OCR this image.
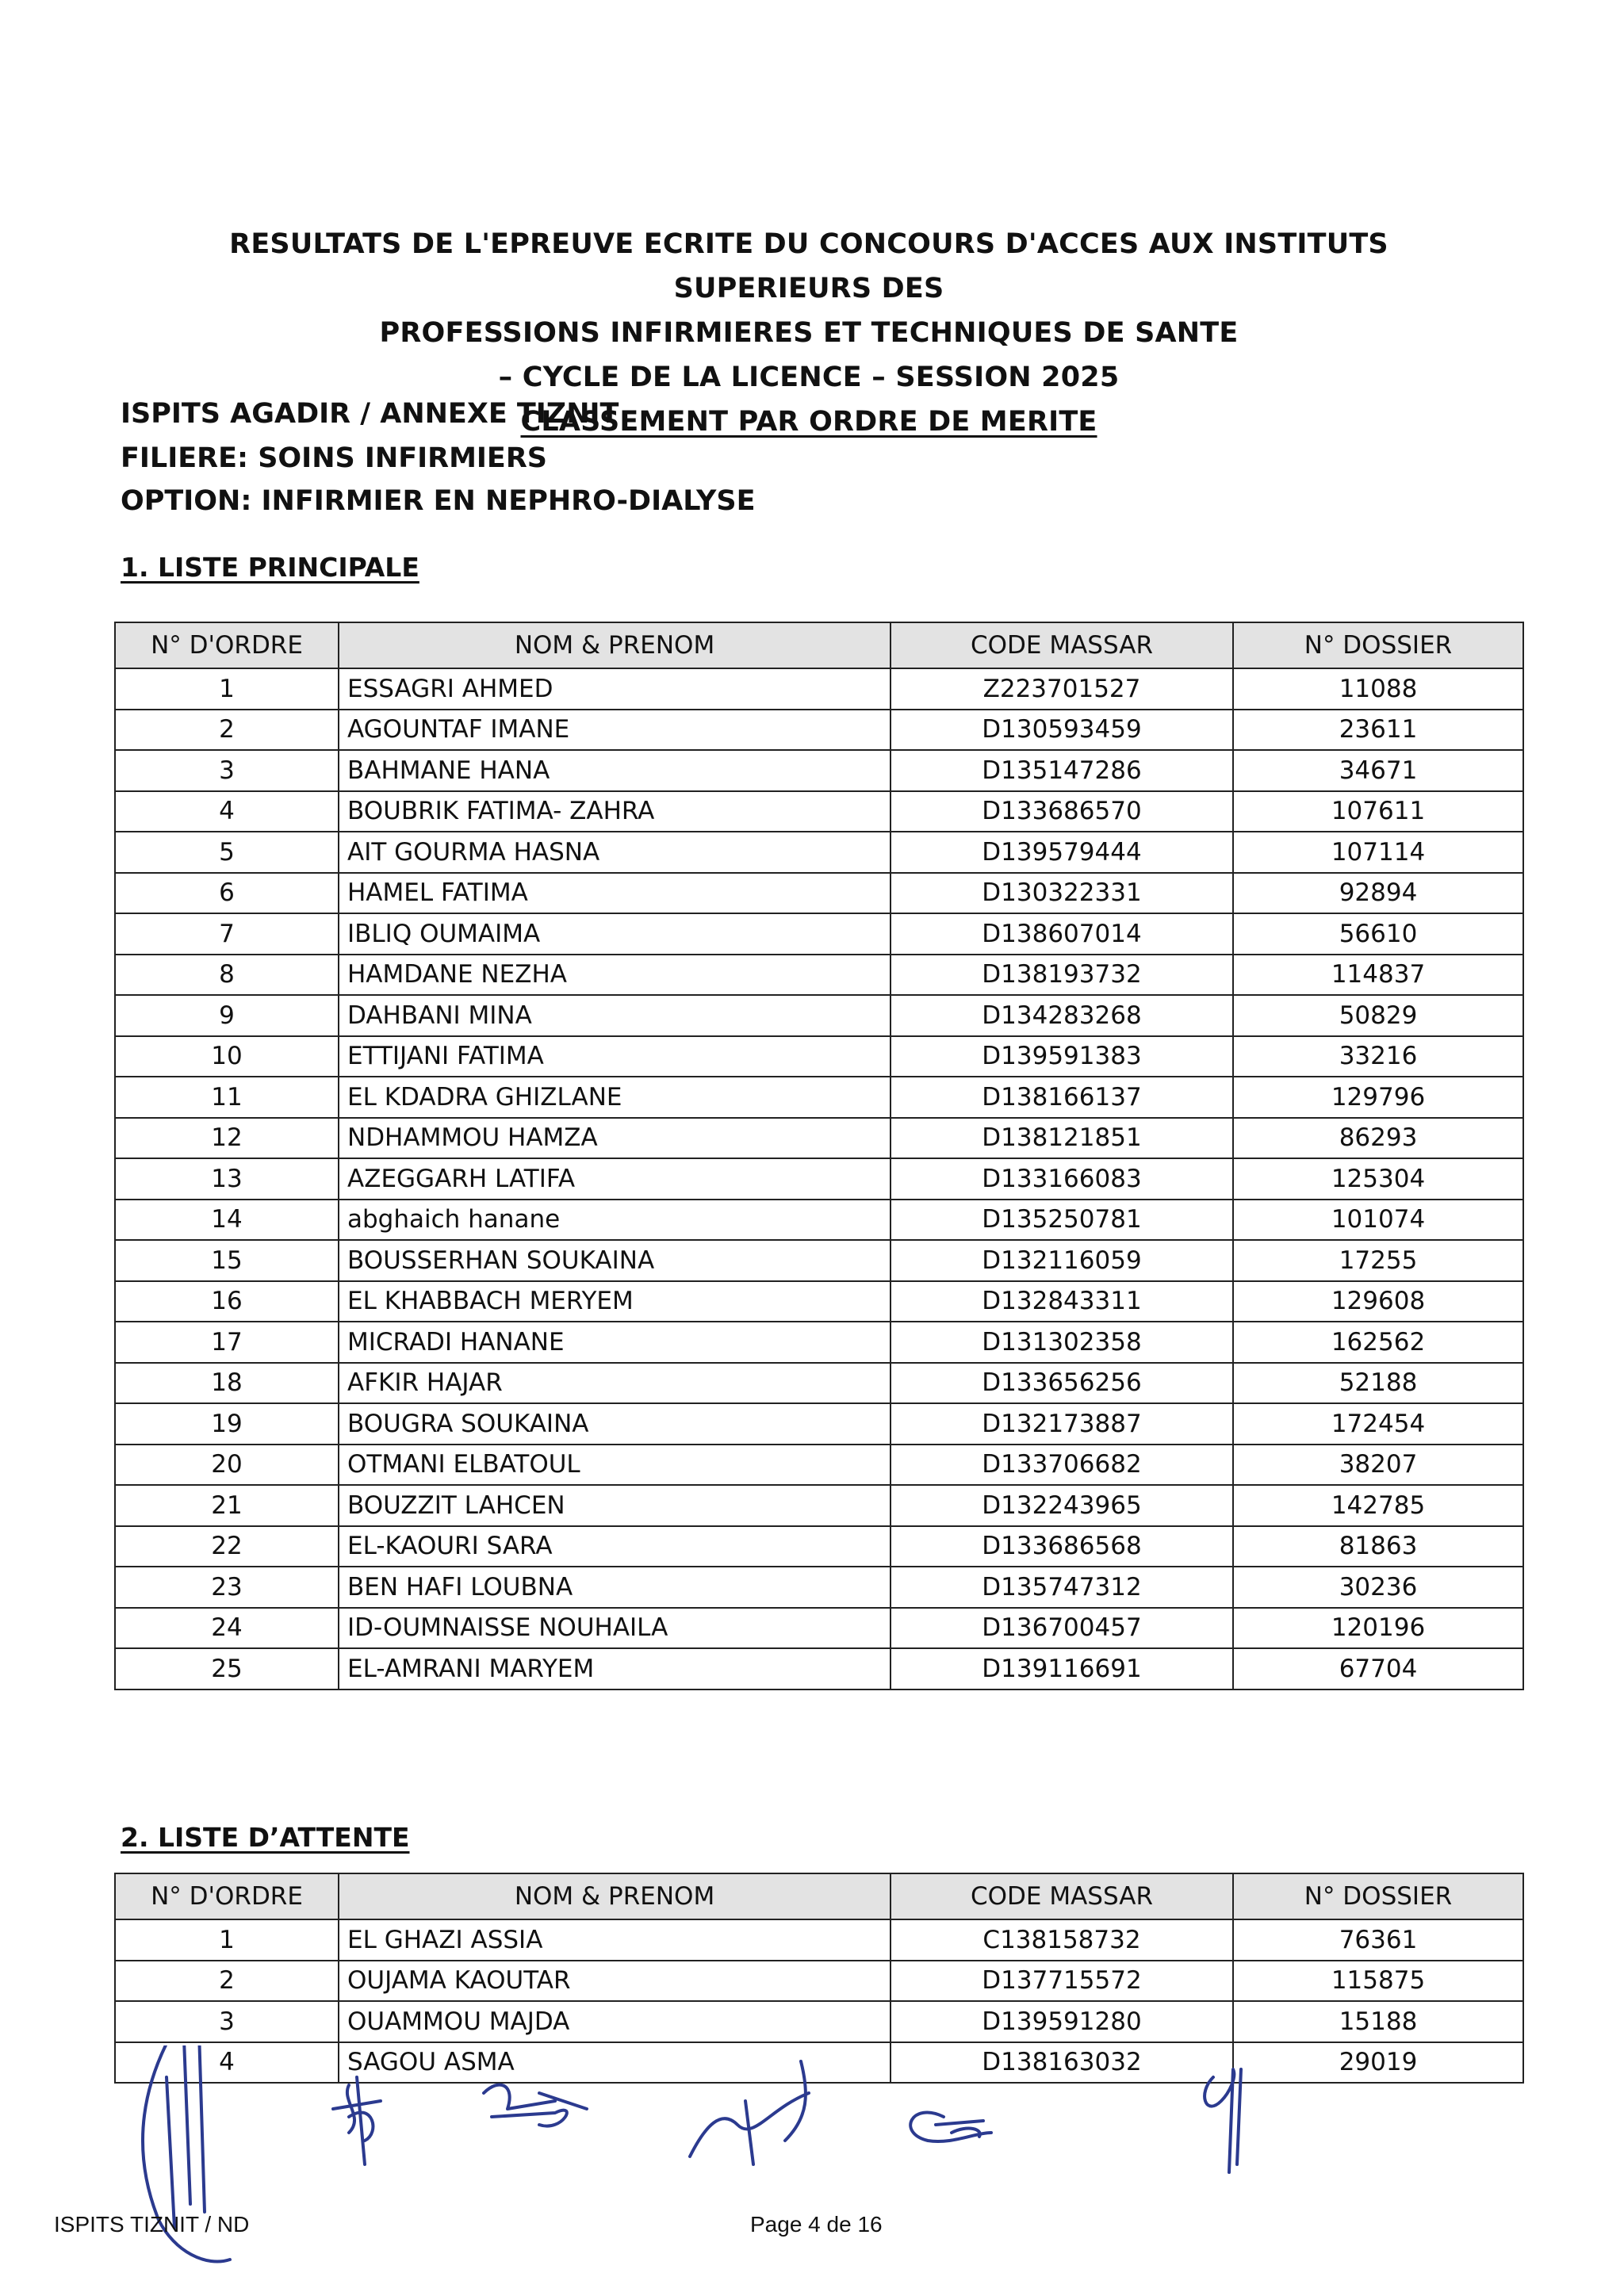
RESULTATS DE L'EPREUVE ECRITE DU CONCOURS D'ACCES AUX INSTITUTS SUPERIEURS DES
PROFESSIONS INFIRMIERES ET TECHNIQUES DE SANTE
– CYCLE DE LA LICENCE – SESSION 2025
CLASSEMENT PAR ORDRE DE MERITE
ISPITS AGADIR / ANNEXE TIZNIT
FILIERE: SOINS INFIRMIERS
OPTION: INFIRMIER EN NEPHRO-DIALYSE
1. LISTE PRINCIPALE
N° D'ORDRE	NOM & PRENOM	CODE MASSAR	N° DOSSIER
1	ESSAGRI AHMED	Z223701527	11088
2	AGOUNTAF IMANE	D130593459	23611
3	BAHMANE HANA	D135147286	34671
4	BOUBRIK FATIMA- ZAHRA	D133686570	107611
5	AIT GOURMA HASNA	D139579444	107114
6	HAMEL FATIMA	D130322331	92894
7	IBLIQ OUMAIMA	D138607014	56610
8	HAMDANE NEZHA	D138193732	114837
9	DAHBANI MINA	D134283268	50829
10	ETTIJANI FATIMA	D139591383	33216
11	EL KDADRA GHIZLANE	D138166137	129796
12	NDHAMMOU HAMZA	D138121851	86293
13	AZEGGARH LATIFA	D133166083	125304
14	abghaich hanane	D135250781	101074
15	BOUSSERHAN SOUKAINA	D132116059	17255
16	EL KHABBACH MERYEM	D132843311	129608
17	MICRADI HANANE	D131302358	162562
18	AFKIR HAJAR	D133656256	52188
19	BOUGRA SOUKAINA	D132173887	172454
20	OTMANI ELBATOUL	D133706682	38207
21	BOUZZIT LAHCEN	D132243965	142785
22	EL-KAOURI SARA	D133686568	81863
23	BEN HAFI LOUBNA	D135747312	30236
24	ID-OUMNAISSE NOUHAILA	D136700457	120196
25	EL-AMRANI MARYEM	D139116691	67704
2. LISTE D’ATTENTE
N° D'ORDRE	NOM & PRENOM	CODE MASSAR	N° DOSSIER
1	EL GHAZI ASSIA	C138158732	76361
2	OUJAMA KAOUTAR	D137715572	115875
3	OUAMMOU MAJDA	D139591280	15188
4	SAGOU ASMA	D138163032	29019
ISPITS TIZNIT / ND	Page 4 de 16
